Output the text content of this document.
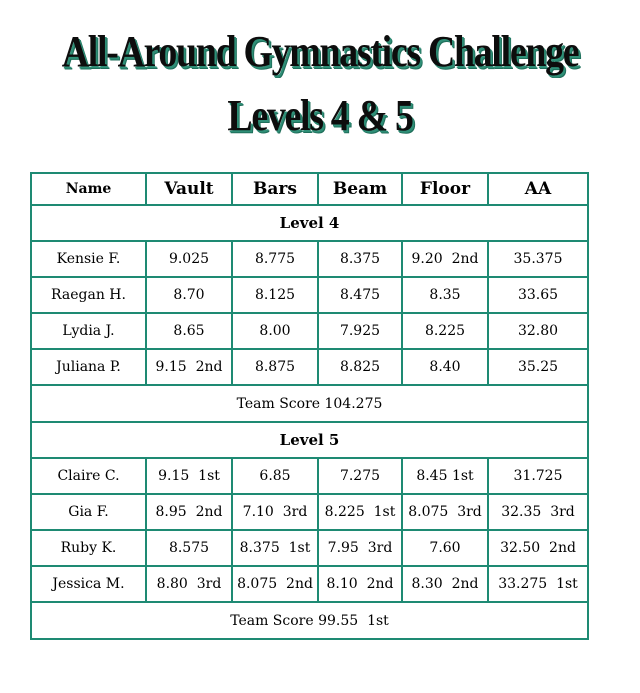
All-Around Gymnastics Challenge
Levels 4 & 5
Name	Vault	Bars	Beam	Floor	AA
Level 4					
Kensie F.	9.025	8.775	8.375	9.20  2nd	35.375
Raegan H.	8.70	8.125	8.475	8.35	33.65
Lydia J.	8.65	8.00	7.925	8.225	32.80
Juliana P.	9.15  2nd	8.875	8.825	8.40	35.25
Team Score 104.275					
Level 5					
Claire C.	9.15  1st	6.85	7.275	8.45 1st	31.725
Gia F.	8.95  2nd	7.10  3rd	8.225  1st	8.075  3rd	32.35  3rd
Ruby K.	8.575	8.375  1st	7.95  3rd	7.60	32.50  2nd
Jessica M.	8.80  3rd	8.075  2nd	8.10  2nd	8.30  2nd	33.275  1st
Team Score 99.55  1st					
